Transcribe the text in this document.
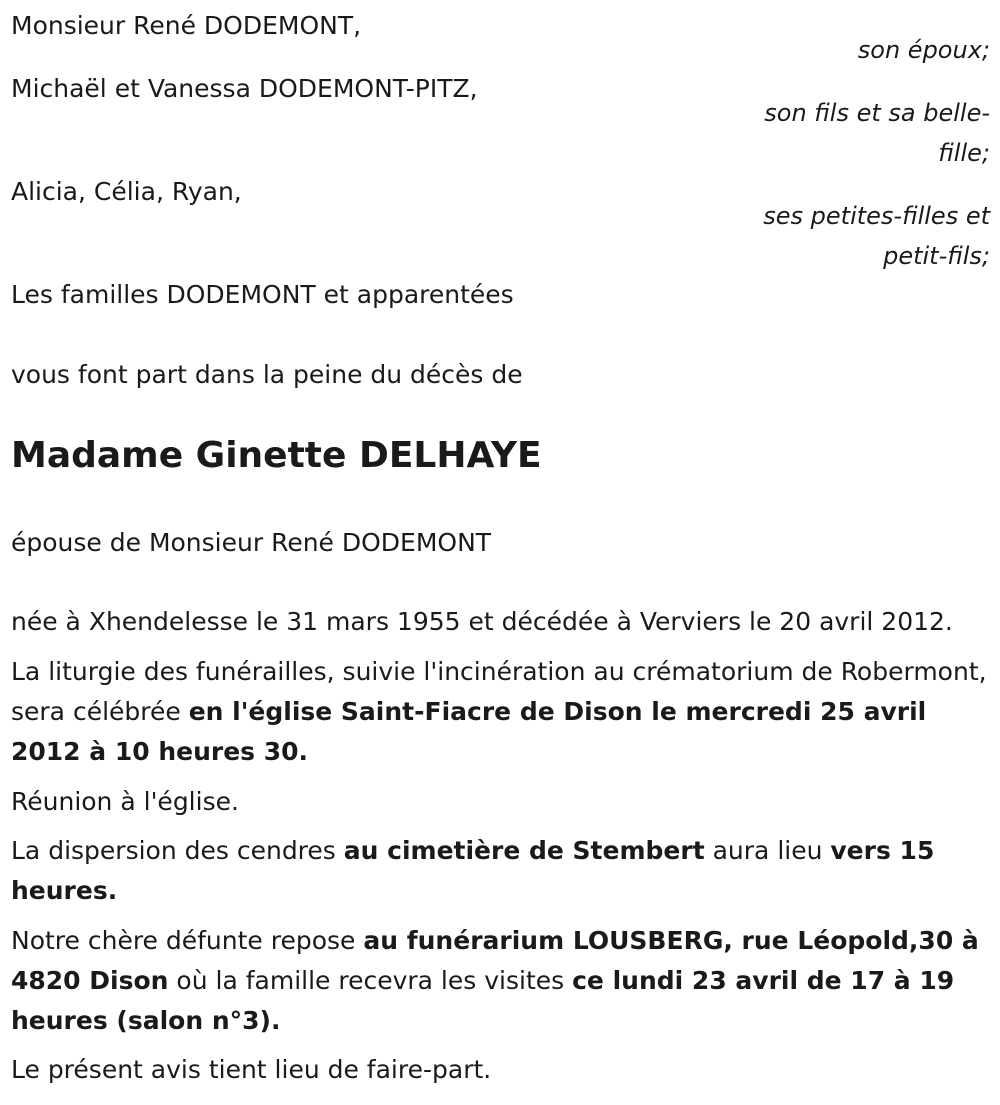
Monsieur René DODEMONT,
son époux;
Michaël et Vanessa DODEMONT-PITZ,
son fils et sa belle-fille;
Alicia, Célia, Ryan,
ses petites-filles et petit-fils;
Les familles DODEMONT et apparentées
vous font part dans la peine du décès de
Madame Ginette DELHAYE
épouse de Monsieur René DODEMONT
née à Xhendelesse le 31 mars 1955 et décédée à Verviers le 20 avril 2012.
La liturgie des funérailles, suivie l'incinération au crématorium de Robermont, sera célébrée en l'église Saint-Fiacre de Dison le mercredi 25 avril 2012 à 10 heures 30.
Réunion à l'église.
La dispersion des cendres au cimetière de Stembert aura lieu vers 15 heures.
Notre chère défunte repose au funérarium LOUSBERG, rue Léopold,30 à 4820 Dison où la famille recevra les visites ce lundi 23 avril de 17 à 19 heures (salon n°3).
Le présent avis tient lieu de faire-part.
